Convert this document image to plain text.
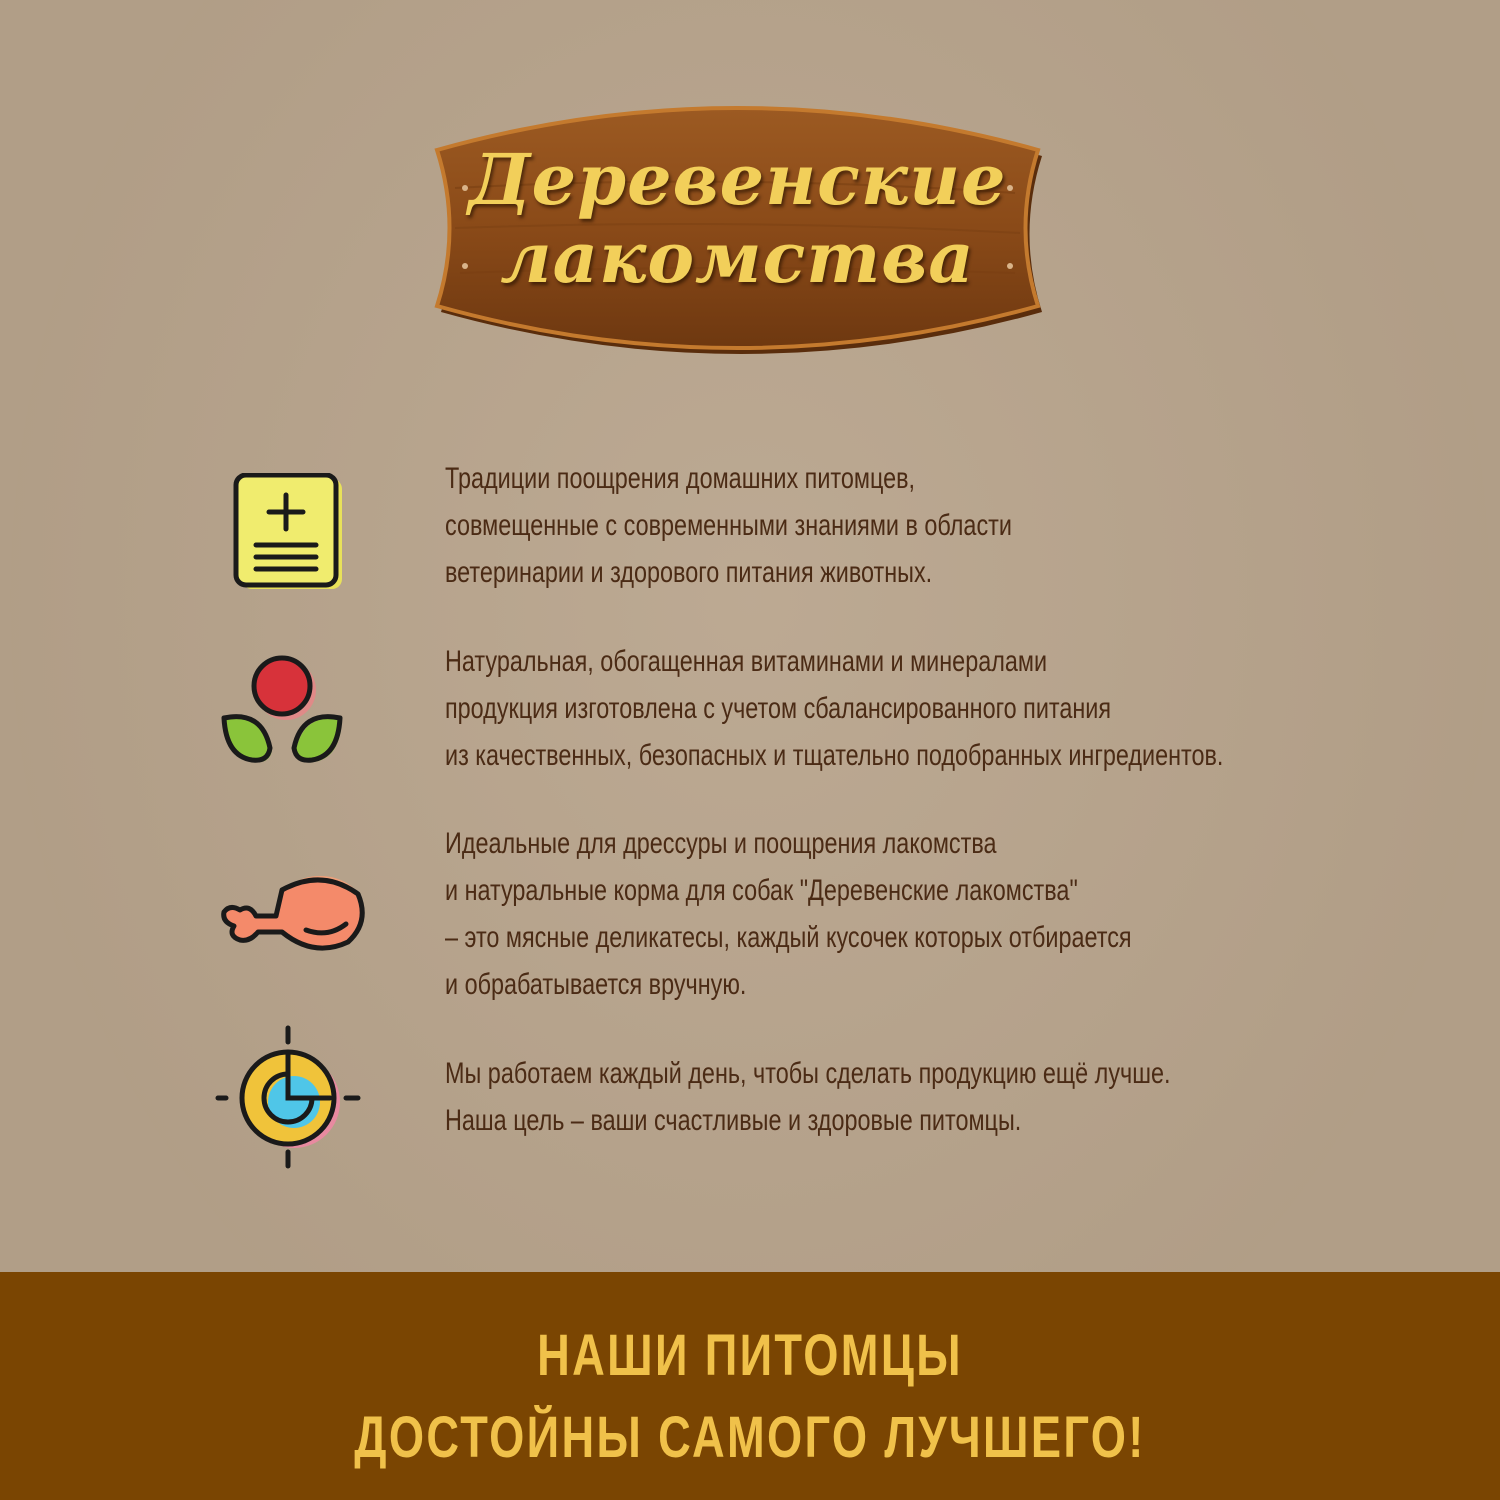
Деревенские
лакомства
Традиции поощрения домашних питомцев,
совмещенные с современными знаниями в области
ветеринарии и здорового питания животных.
Натуральная, обогащенная витаминами и минералами
продукция изготовлена с учетом сбалансированного питания
из качественных, безопасных и тщательно подобранных ингредиентов.
Идеальные для дрессуры и поощрения лакомства
и натуральные корма для собак "Деревенские лакомства"
– это мясные деликатесы, каждый кусочек которых отбирается
и обрабатывается вручную.
Мы работаем каждый день, чтобы сделать продукцию ещё лучше.
Наша цель – ваши счастливые и здоровые питомцы.
НАШИ ПИТОМЦЫ
ДОСТОЙНЫ САМОГО ЛУЧШЕГО!
